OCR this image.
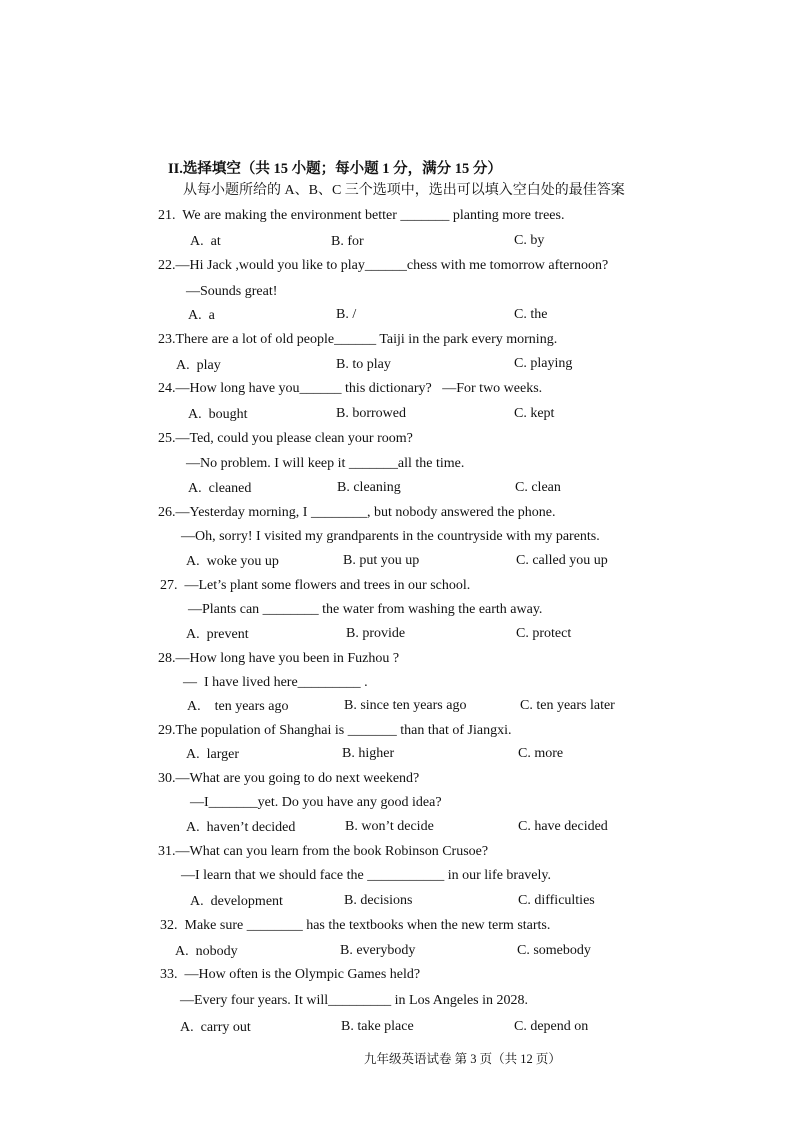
II.选择填空（共 15 小题；每小题 1 分，满分 15 分）
从每小题所给的 A、B、C 三个选项中，选出可以填入空白处的最佳答案
21.  We are making the environment better _______ planting more trees.
A.  at	B. for	C. by
22.—Hi Jack ,would you like to play______chess with me tomorrow afternoon?
—Sounds great!
A.  a	B. /	C. the
23.There are a lot of old people______ Taiji in the park every morning.
A.  play	B. to play	C. playing
24.—How long have you______ this dictionary?   —For two weeks.
A.  bought	B. borrowed	C. kept
25.—Ted, could you please clean your room?
—No problem. I will keep it _______all the time.
A.  cleaned	B. cleaning	C. clean
26.—Yesterday morning, I ________, but nobody answered the phone.
—Oh, sorry! I visited my grandparents in the countryside with my parents.
A.  woke you up	B. put you up	C. called you up
27.  —Let’s plant some flowers and trees in our school.
—Plants can ________ the water from washing the earth away.
A.  prevent	B. provide	C. protect
28.—How long have you been in Fuzhou ?
—  I have lived here_________ .
A.    ten years ago	B. since ten years ago	C. ten years later
29.The population of Shanghai is _______ than that of Jiangxi.
A.  larger	B. higher	C. more
30.—What are you going to do next weekend?
—I_______yet. Do you have any good idea?
A.  haven’t decided	B. won’t decide	C. have decided
31.—What can you learn from the book Robinson Crusoe?
—I learn that we should face the ___________ in our life bravely.
A.  development	B. decisions	C. difficulties
32.  Make sure ________ has the textbooks when the new term starts.
A.  nobody	B. everybody	C. somebody
33.  —How often is the Olympic Games held?
—Every four years. It will_________ in Los Angeles in 2028.
A.  carry out	B. take place	C. depend on
九年级英语试卷 第 3 页（共 12 页）
